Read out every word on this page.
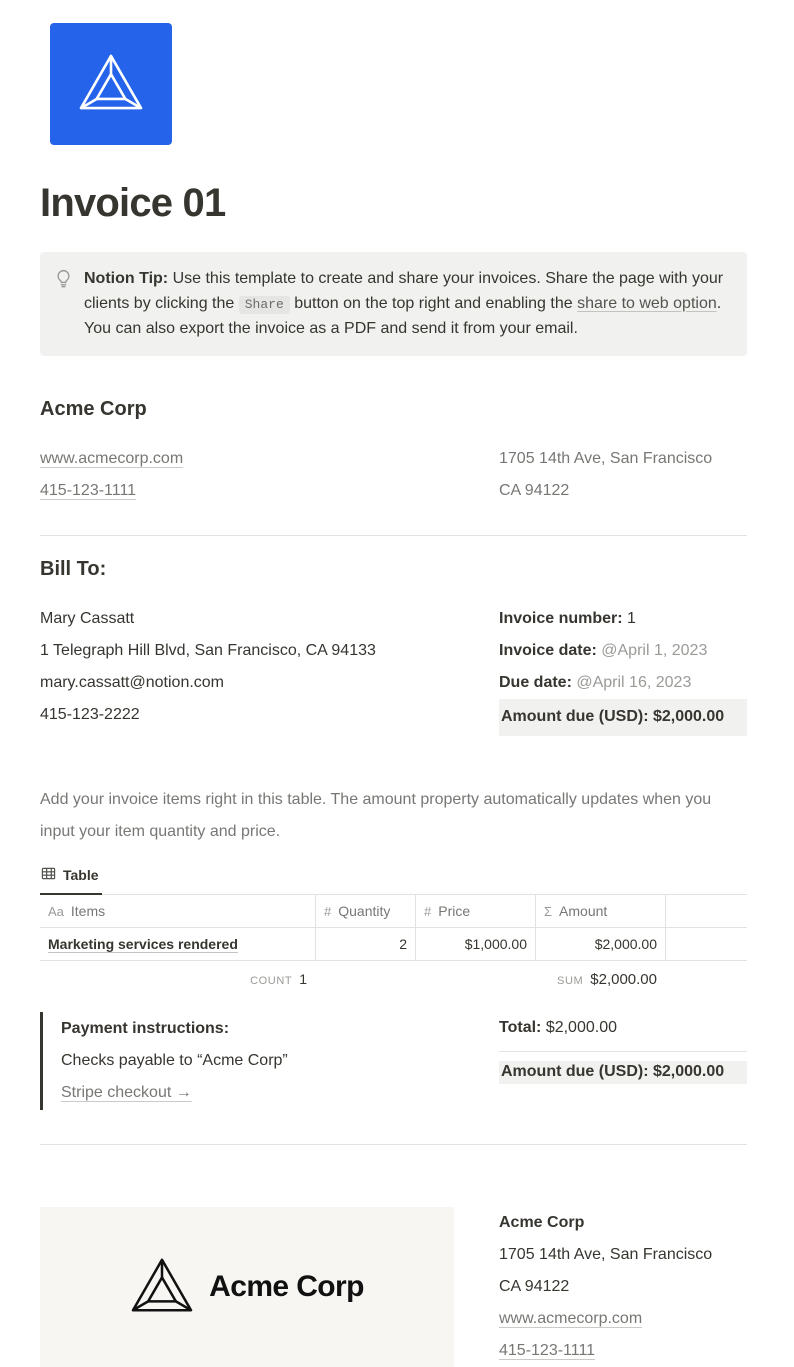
Invoice 01

Notion Tip: Use this template to create and share your invoices. Share the page with your clients by clicking the Share button on the top right and enabling the share to web option. You can also export the invoice as a PDF and send it from your email.

Acme Corp
www.acmecorp.com
415-123-1111
1705 14th Ave, San Francisco
CA 94122
Bill To:
Mary Cassatt
1 Telegraph Hill Blvd, San Francisco, CA 94133
mary.cassatt@notion.com
415-123-2222
Invoice number: 1
Invoice date: @April 1, 2023
Due date: @April 16, 2023
Amount due (USD): $2,000.00

Add your invoice items right in this table. The amount property automatically updates when you input your item quantity and price.

Table
Aa Items	# Quantity	# Price	Σ Amount
Marketing services rendered	2	$1,000.00	$2,000.00
COUNT 1	SUM $2,000.00
Payment instructions:
Checks payable to “Acme Corp”
Stripe checkout →
Total: $2,000.00
Amount due (USD): $2,000.00
Acme Corp
Acme Corp
1705 14th Ave, San Francisco
CA 94122
www.acmecorp.com
415-123-1111
